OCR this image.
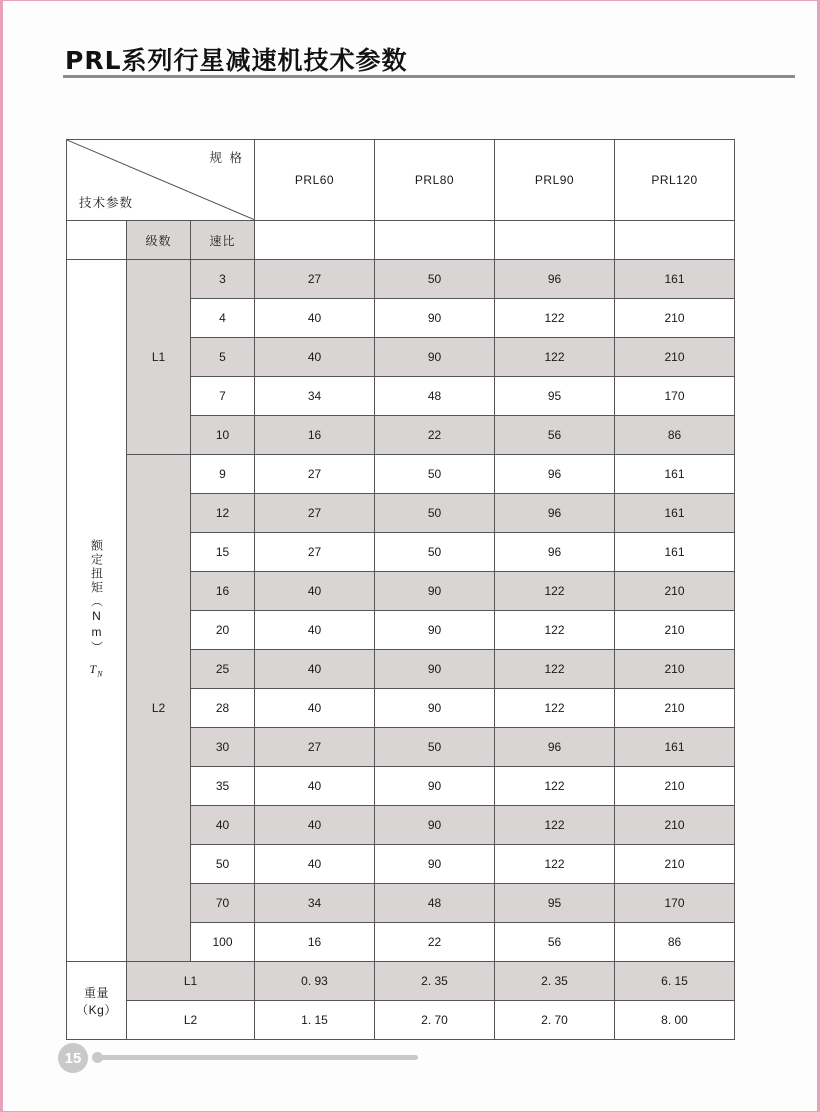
PRL系列行星减速机技术参数
规 格
技术参数			PRL60	PRL80	PRL90	PRL120
	级数	速比				
额定扭矩（Nm）
$T_N$	L1	3	27	50	96	161
		4	40	90	122	210
		5	40	90	122	210
		7	34	48	95	170
		10	16	22	56	86
	L2	9	27	50	96	161
		12	27	50	96	161
		15	27	50	96	161
		16	40	90	122	210
		20	40	90	122	210
		25	40	90	122	210
		28	40	90	122	210
		30	27	50	96	161
		35	40	90	122	210
		40	40	90	122	210
		50	40	90	122	210
		70	34	48	95	170
		100	16	22	56	86
重量（Kg）	L1		0. 93	2. 35	2. 35	6. 15
	L2		1. 15	2. 70	2. 70	8. 00
15
